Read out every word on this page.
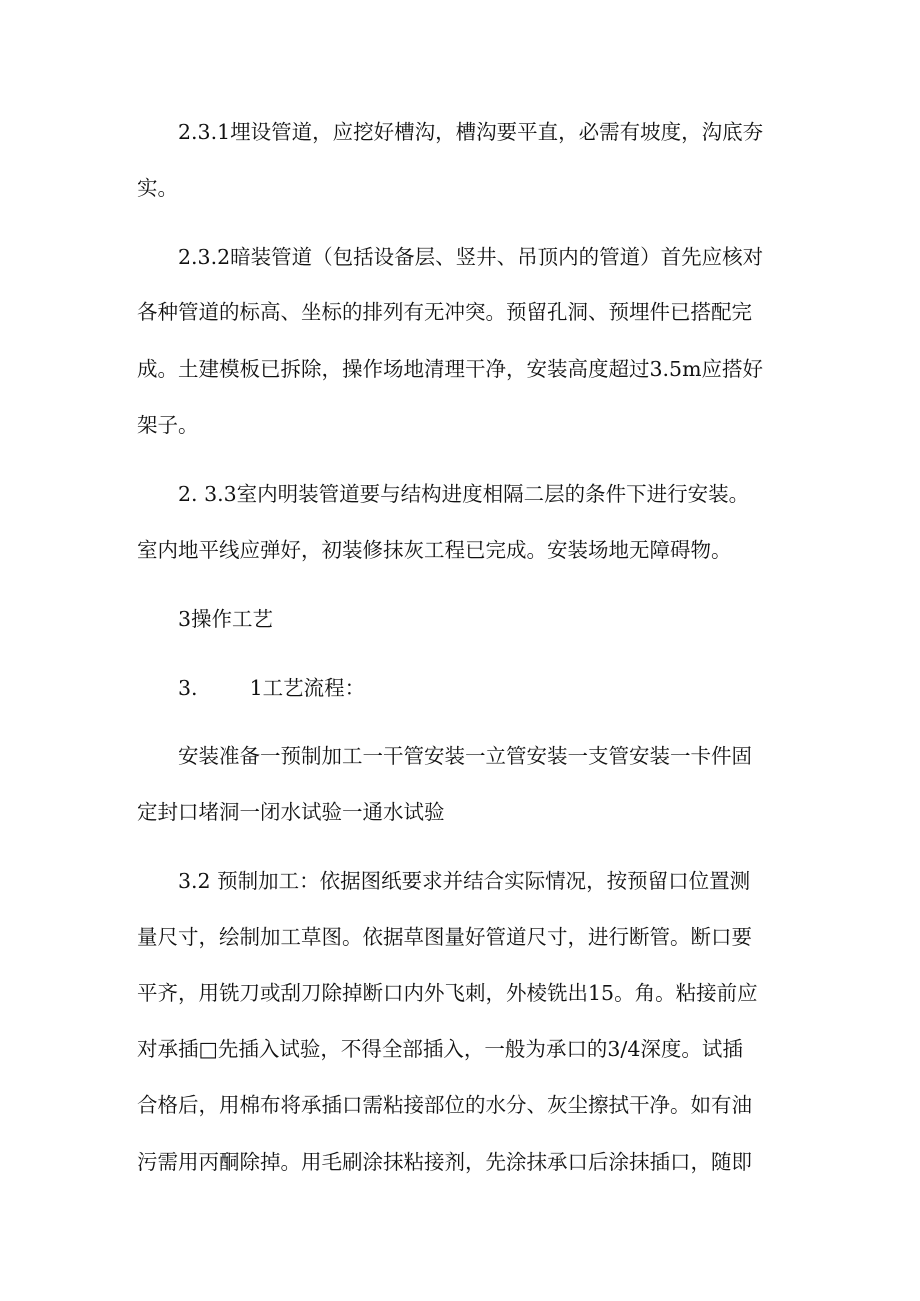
2.3.1埋设管道，应挖好槽沟，槽沟要平直，必需有坡度，沟底夯
实。
2.3.2暗装管道（包括设备层、竖井、吊顶内的管道）首先应核对
各种管道的标高、坐标的排列有无冲突。预留孔洞、预埋件已搭配完
成。土建模板已拆除，操作场地清理干净，安装高度超过3.5m应搭好
架子。
2. 3.3室内明装管道要与结构进度相隔二层的条件下进行安装。
室内地平线应弹好，初装修抹灰工程已完成。安装场地无障碍物。
3操作工艺
3.	1工艺流程：
安装准备一预制加工一干管安装一立管安装一支管安装一卡件固
定封口堵洞一闭水试验一通水试验
3.2 预制加工：依据图纸要求并结合实际情况，按预留口位置测
量尺寸，绘制加工草图。依据草图量好管道尺寸，进行断管。断口要
平齐，用铣刀或刮刀除掉断口内外飞刺，外棱铣出15。角。粘接前应
对承插□先插入试验，不得全部插入，一般为承口的3/4深度。试插
合格后，用棉布将承插口需粘接部位的水分、灰尘擦拭干净。如有油
污需用丙酮除掉。用毛刷涂抹粘接剂，先涂抹承口后涂抹插口，随即
